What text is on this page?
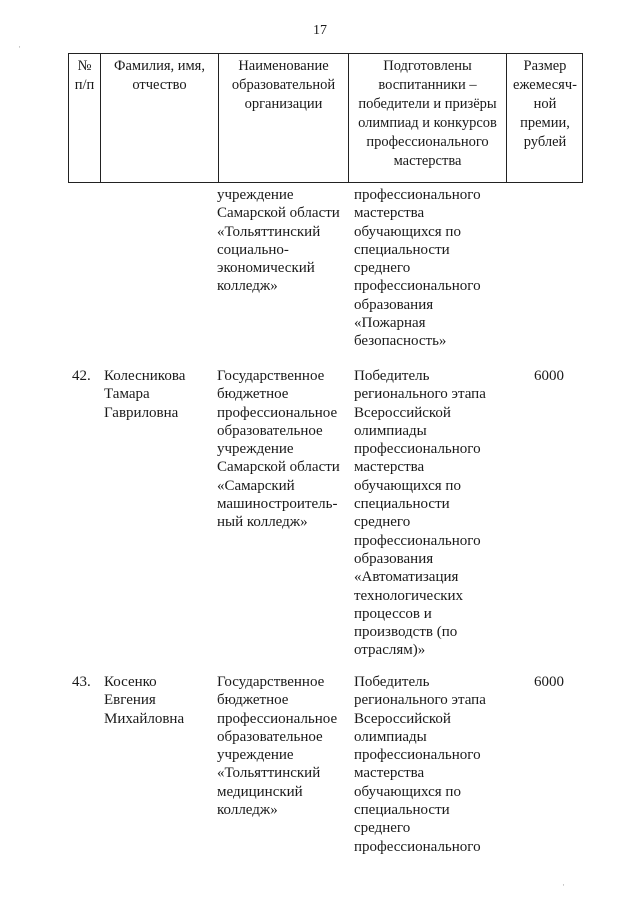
17
№
п/п
Фамилия, имя,
отчество
Наименование
образовательной
организации
Подготовлены
воспитанники –
победители и призёры
олимпиад и конкурсов
профессионального
мастерства
Размер
ежемесяч-
ной
премии,
рублей
учреждение
Самарской области
«Тольяттинский
социально-
экономический
колледж»
профессионального
мастерства
обучающихся по
специальности
среднего
профессионального
образования
«Пожарная
безопасность»
42. Колесникова
Тамара
Гавриловна
Государственное
бюджетное
профессиональное
образовательное
учреждение
Самарской области
«Самарский
машиностроитель-
ный колледж»
Победитель
регионального этапа
Всероссийской
олимпиады
профессионального
мастерства
обучающихся по
специальности
среднего
профессионального
образования
«Автоматизация
технологических
процессов и
производств (по
отраслям)»
6000
43. Косенко
Евгения
Михайловна
Государственное
бюджетное
профессиональное
образовательное
учреждение
«Тольяттинский
медицинский
колледж»
Победитель
регионального этапа
Всероссийской
олимпиады
профессионального
мастерства
обучающихся по
специальности
среднего
профессионального
6000
·
·
